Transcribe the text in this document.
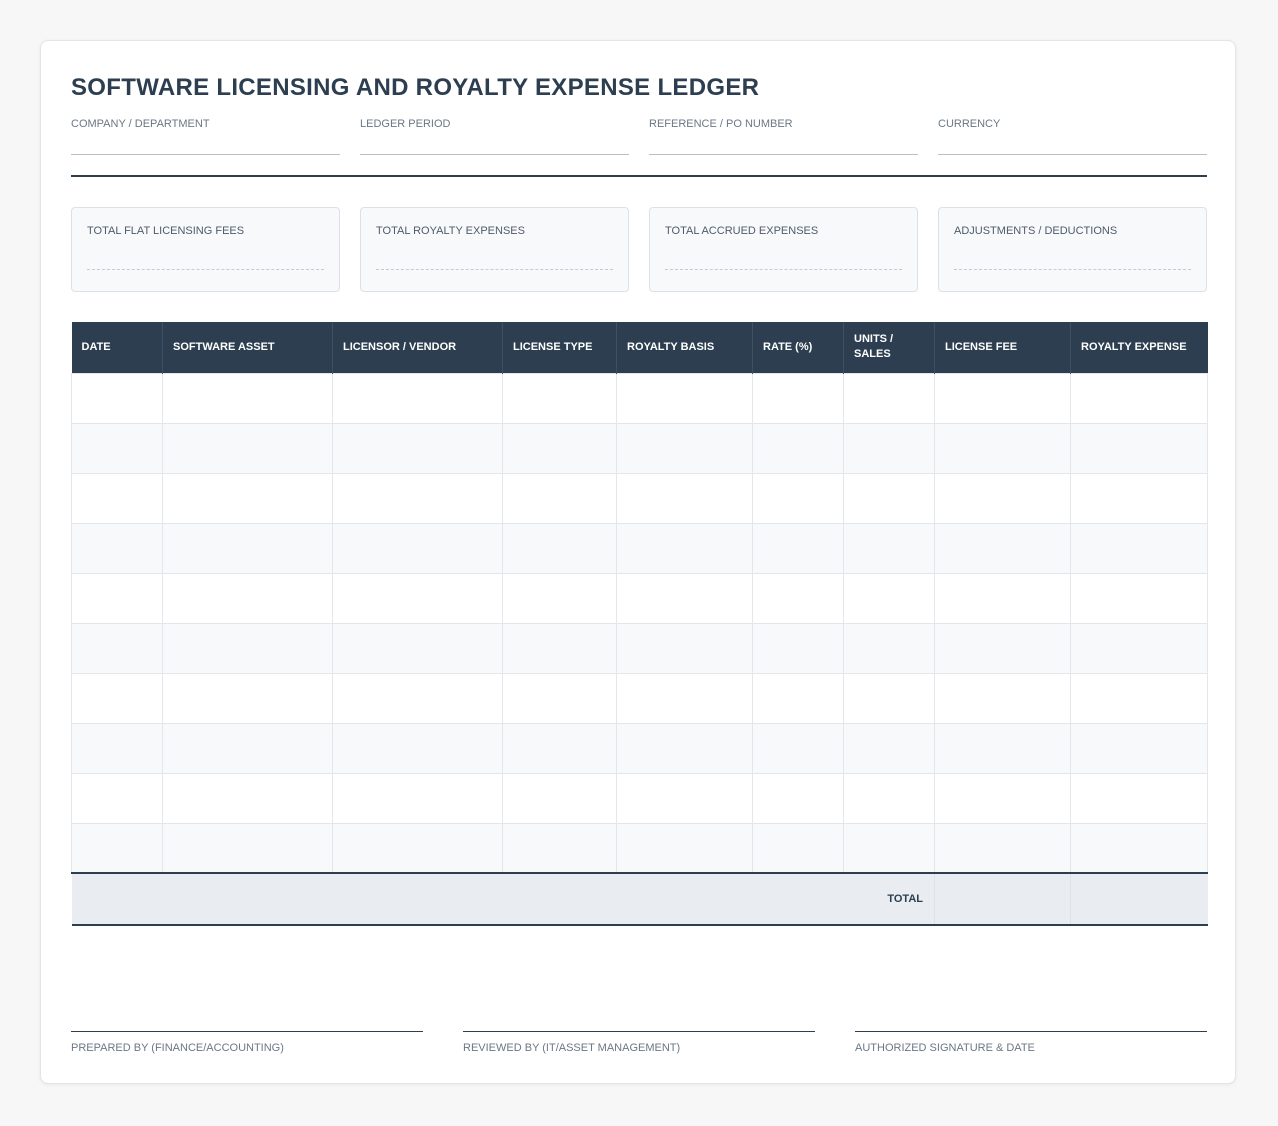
SOFTWARE LICENSING AND ROYALTY EXPENSE LEDGER
COMPANY / DEPARTMENT	LEDGER PERIOD	REFERENCE / PO NUMBER	CURRENCY
TOTAL FLAT LICENSING FEES	TOTAL ROYALTY EXPENSES	TOTAL ACCRUED EXPENSES	ADJUSTMENTS / DEDUCTIONS
DATE	SOFTWARE ASSET	LICENSOR / VENDOR	LICENSE TYPE	ROYALTY BASIS	RATE (%)	UNITS / SALES	LICENSE FEE	ROYALTY EXPENSE

TOTAL								
PREPARED BY (FINANCE/ACCOUNTING)	REVIEWED BY (IT/ASSET MANAGEMENT)	AUTHORIZED SIGNATURE & DATE
